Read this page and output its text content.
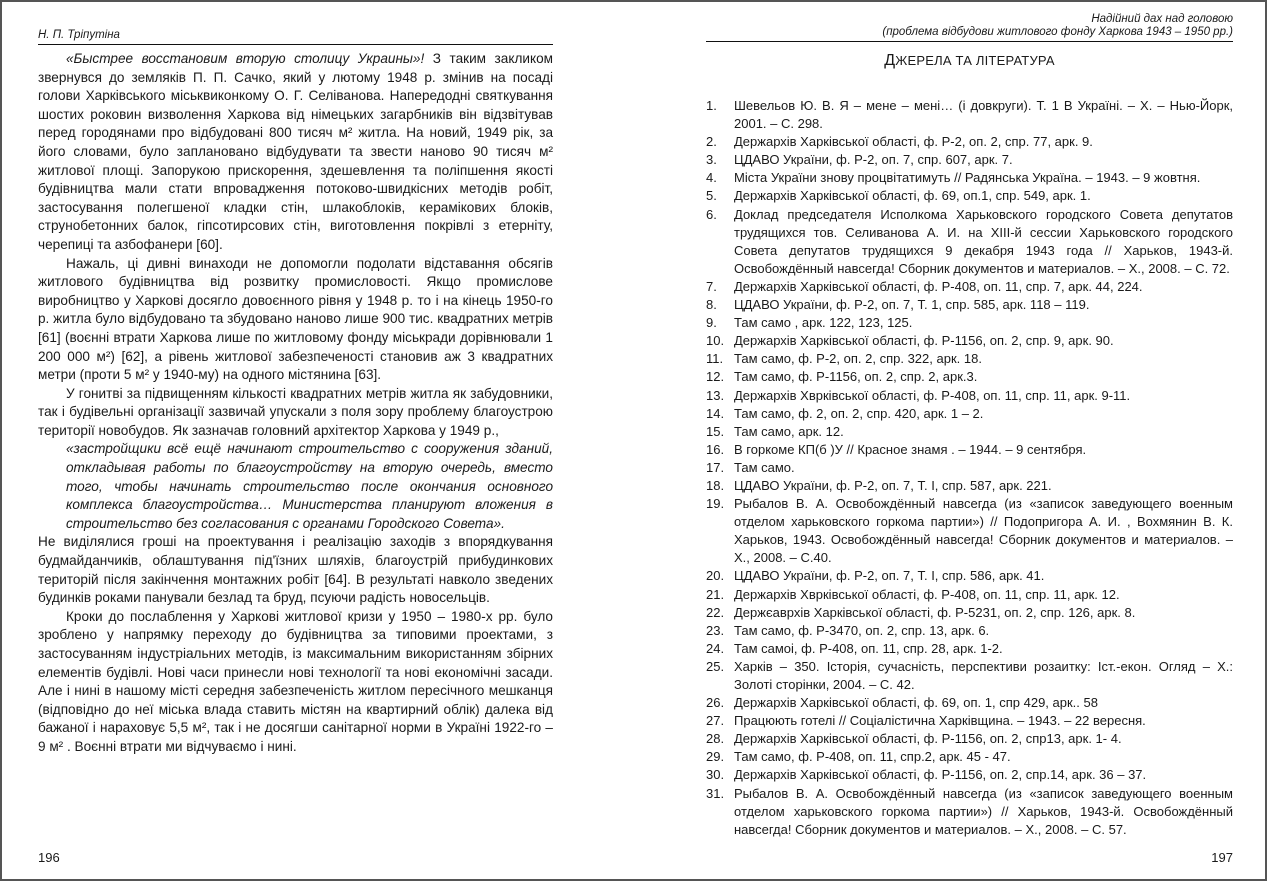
Н. П. Тріпутіна

«Быстрее восстановим вторую столицу Украины»! З таким закликом звернувся до земляків П. П. Сачко, який у лютому 1948 р. змінив на посаді голови Харківського міськвиконкому О. Г. Селіванова. Напередодні святкування шостих роковин визволення Харкова від німецьких загарбників він відзвітував перед городянами про відбудовані 800 тисяч м² житла. На новий, 1949 рік, за його словами, було заплановано відбудувати та звести наново 90 тисяч м² житлової площі. Запорукою прискорення, здешевлення та поліпшення якості будівництва мали стати впровадження потоково-швидкісних методів робіт, застосування полегшеної кладки стін, шлакоблоків, керамікових блоків, струнобетонних балок, гіпсотирсових стін, виготовлення покрівлі з етерніту, черепиці та азбофанери [60].

Нажаль, ці дивні винаходи не допомогли подолати відставання обсягів житлового будівництва від розвитку промисловості. Якщо промислове виробництво у Харкові досягло довоєнного рівня у 1948 р. то і на кінець 1950-го р. житла було відбудовано та збудовано наново лише 900 тис. квадратних метрів [61] (воєнні втрати Харкова лише по житловому фонду міськради дорівнювали 1 200 000 м²) [62], а рівень житлової забезпеченості становив аж 3 квадратних метри (проти 5 м² у 1940-му) на одного містянина [63].

У гонитві за підвищенням кількості квадратних метрів житла як забудовники, так і будівельні організації зазвичай упускали з поля зору проблему благоустрою території новобудов. Як зазначав головний архітектор Харкова у 1949 р.,

«застройщики всё ещё начинают строительство с сооружения зданий, откладывая работы по благоустройству на вторую очередь, вместо того, чтобы начинать строительство после окончания основного комплекса благоустройства… Министерства планируют вложения в строительство без согласования с органами Городского Совета».

Не виділялися гроші на проектування і реалізацію заходів з впорядкування будмайданчиків, облаштування під'їзних шляхів, благоустрій прибудинкових територій після закінчення монтажних робіт [64]. В результаті навколо зведених будинків роками панували безлад та бруд, псуючи радість новосельців.

Кроки до послаблення у Харкові житлової кризи у 1950 – 1980-х рр. було зроблено у напрямку переходу до будівництва за типовими проектами, з застосуванням індустріальних методів, із максимальним використанням збірних елементів будівлі. Нові часи принесли нові технології та нові економічні засади. Але і нині в нашому місті середня забезпеченість житлом пересічного мешканця (відповідно до неї міська влада ставить містян на квартирний облік) далека від бажаної і нараховує 5,5 м², так і не досягши санітарної норми в Україні 1922-го – 9 м² . Воєнні втрати ми відчуваємо і нині.

196
Надійний дах над головою
(проблема відбудови житлового фонду Харкова 1943 – 1950 рр.)
ДЖЕРЕЛА ТА ЛІТЕРАТУРА
1.	Шевельов Ю. В. Я – мене – мені… (і довкруги). Т. 1 В Україні. – Х. – Нью-Йорк, 2001. – С. 298.
2.	Держархів Харківської області, ф. Р-2, оп. 2, спр. 77, арк. 9.
3.	ЦДАВО України, ф. Р-2, оп. 7, спр. 607, арк. 7.
4.	Міста України знову процвітатимуть // Радянська Україна. – 1943. – 9 жовтня.
5.	Держархів Харківської області, ф. 69, оп.1, спр. 549, арк. 1.
6.	Доклад председателя Исполкома Харьковского городского Совета депутатов трудящихся тов. Селиванова А. И. на XIII-й сессии Харьковского городского Совета депутатов трудящихся 9 декабря 1943 года // Харьков, 1943-й. Освобождённый навсегда! Сборник документов и материалов. – Х., 2008. – С. 72.
7.	Держархів Харківської області, ф. Р-408, оп. 11, спр. 7, арк. 44, 224.
8.	ЦДАВО України, ф. Р-2, оп. 7, Т. 1, спр. 585, арк. 118 – 119.
9.	Там само , арк. 122, 123, 125.
10. Держархів Харківської області, ф. Р-1156, оп. 2, спр. 9, арк. 90.
11. Там само, ф. Р-2, оп. 2, спр. 322, арк. 18.
12. Там само, ф. Р-1156, оп. 2, спр. 2, арк.3.
13. Держархів Хврківської області, ф. Р-408, оп. 11, спр. 11, арк. 9-11.
14. Там само, ф. 2, оп. 2, спр. 420, арк. 1 – 2.
15. Там само, арк. 12.
16. В горкоме КП(б )У // Красное знамя . – 1944. – 9 сентября.
17. Там само.
18. ЦДАВО України, ф. Р-2, оп. 7, Т. І, спр. 587, арк. 221.
19. Рыбалов В. А. Освобождённый навсегда (из «записок заведующего военным отделом харьковского горкома партии») // Подопригора А. И. , Вохмянин В. К. Харьков, 1943. Освобождённый навсегда! Сборник документов и материалов. – Х., 2008. – С.40.
20. ЦДАВО України, ф. Р-2, оп. 7, Т. І, спр. 586, арк. 41.
21. Держархів Хврківської області, ф. Р-408, оп. 11, спр. 11, арк. 12.
22. Держєаврхів Харківської області, ф. Р-5231, оп. 2, спр. 126, арк. 8.
23. Там само, ф. Р-3470, оп. 2, спр. 13, арк. 6.
24. Там самоі, ф. Р-408, оп. 11, спр. 28, арк. 1-2.
25. Харків – 350. Історія, сучасність, перспективи розаитку: Іст.-екон. Огляд – Х.: Золоті сторінки, 2004. – С. 42.
26. Держархів Харківської області, ф. 69, оп. 1, спр 429, арк.. 58
27. Працюють готелі // Соціалістична Харківщина. – 1943. – 22 вересня.
28. Держархів Харківської області, ф. Р-1156, оп. 2, спр13, арк. 1- 4.
29. Там само, ф. Р-408, оп. 11, спр.2, арк. 45 - 47.
30. Держархів Харківської області, ф. Р-1156, оп. 2, спр.14, арк. 36 – 37.
31. Рыбалов В. А. Освобождённый навсегда (из «записок заведующего военным отделом харьковского горкома партии») // Харьков, 1943-й. Освобождённый навсегда! Сборник документов и материалов. – Х., 2008. – С. 57.
197
